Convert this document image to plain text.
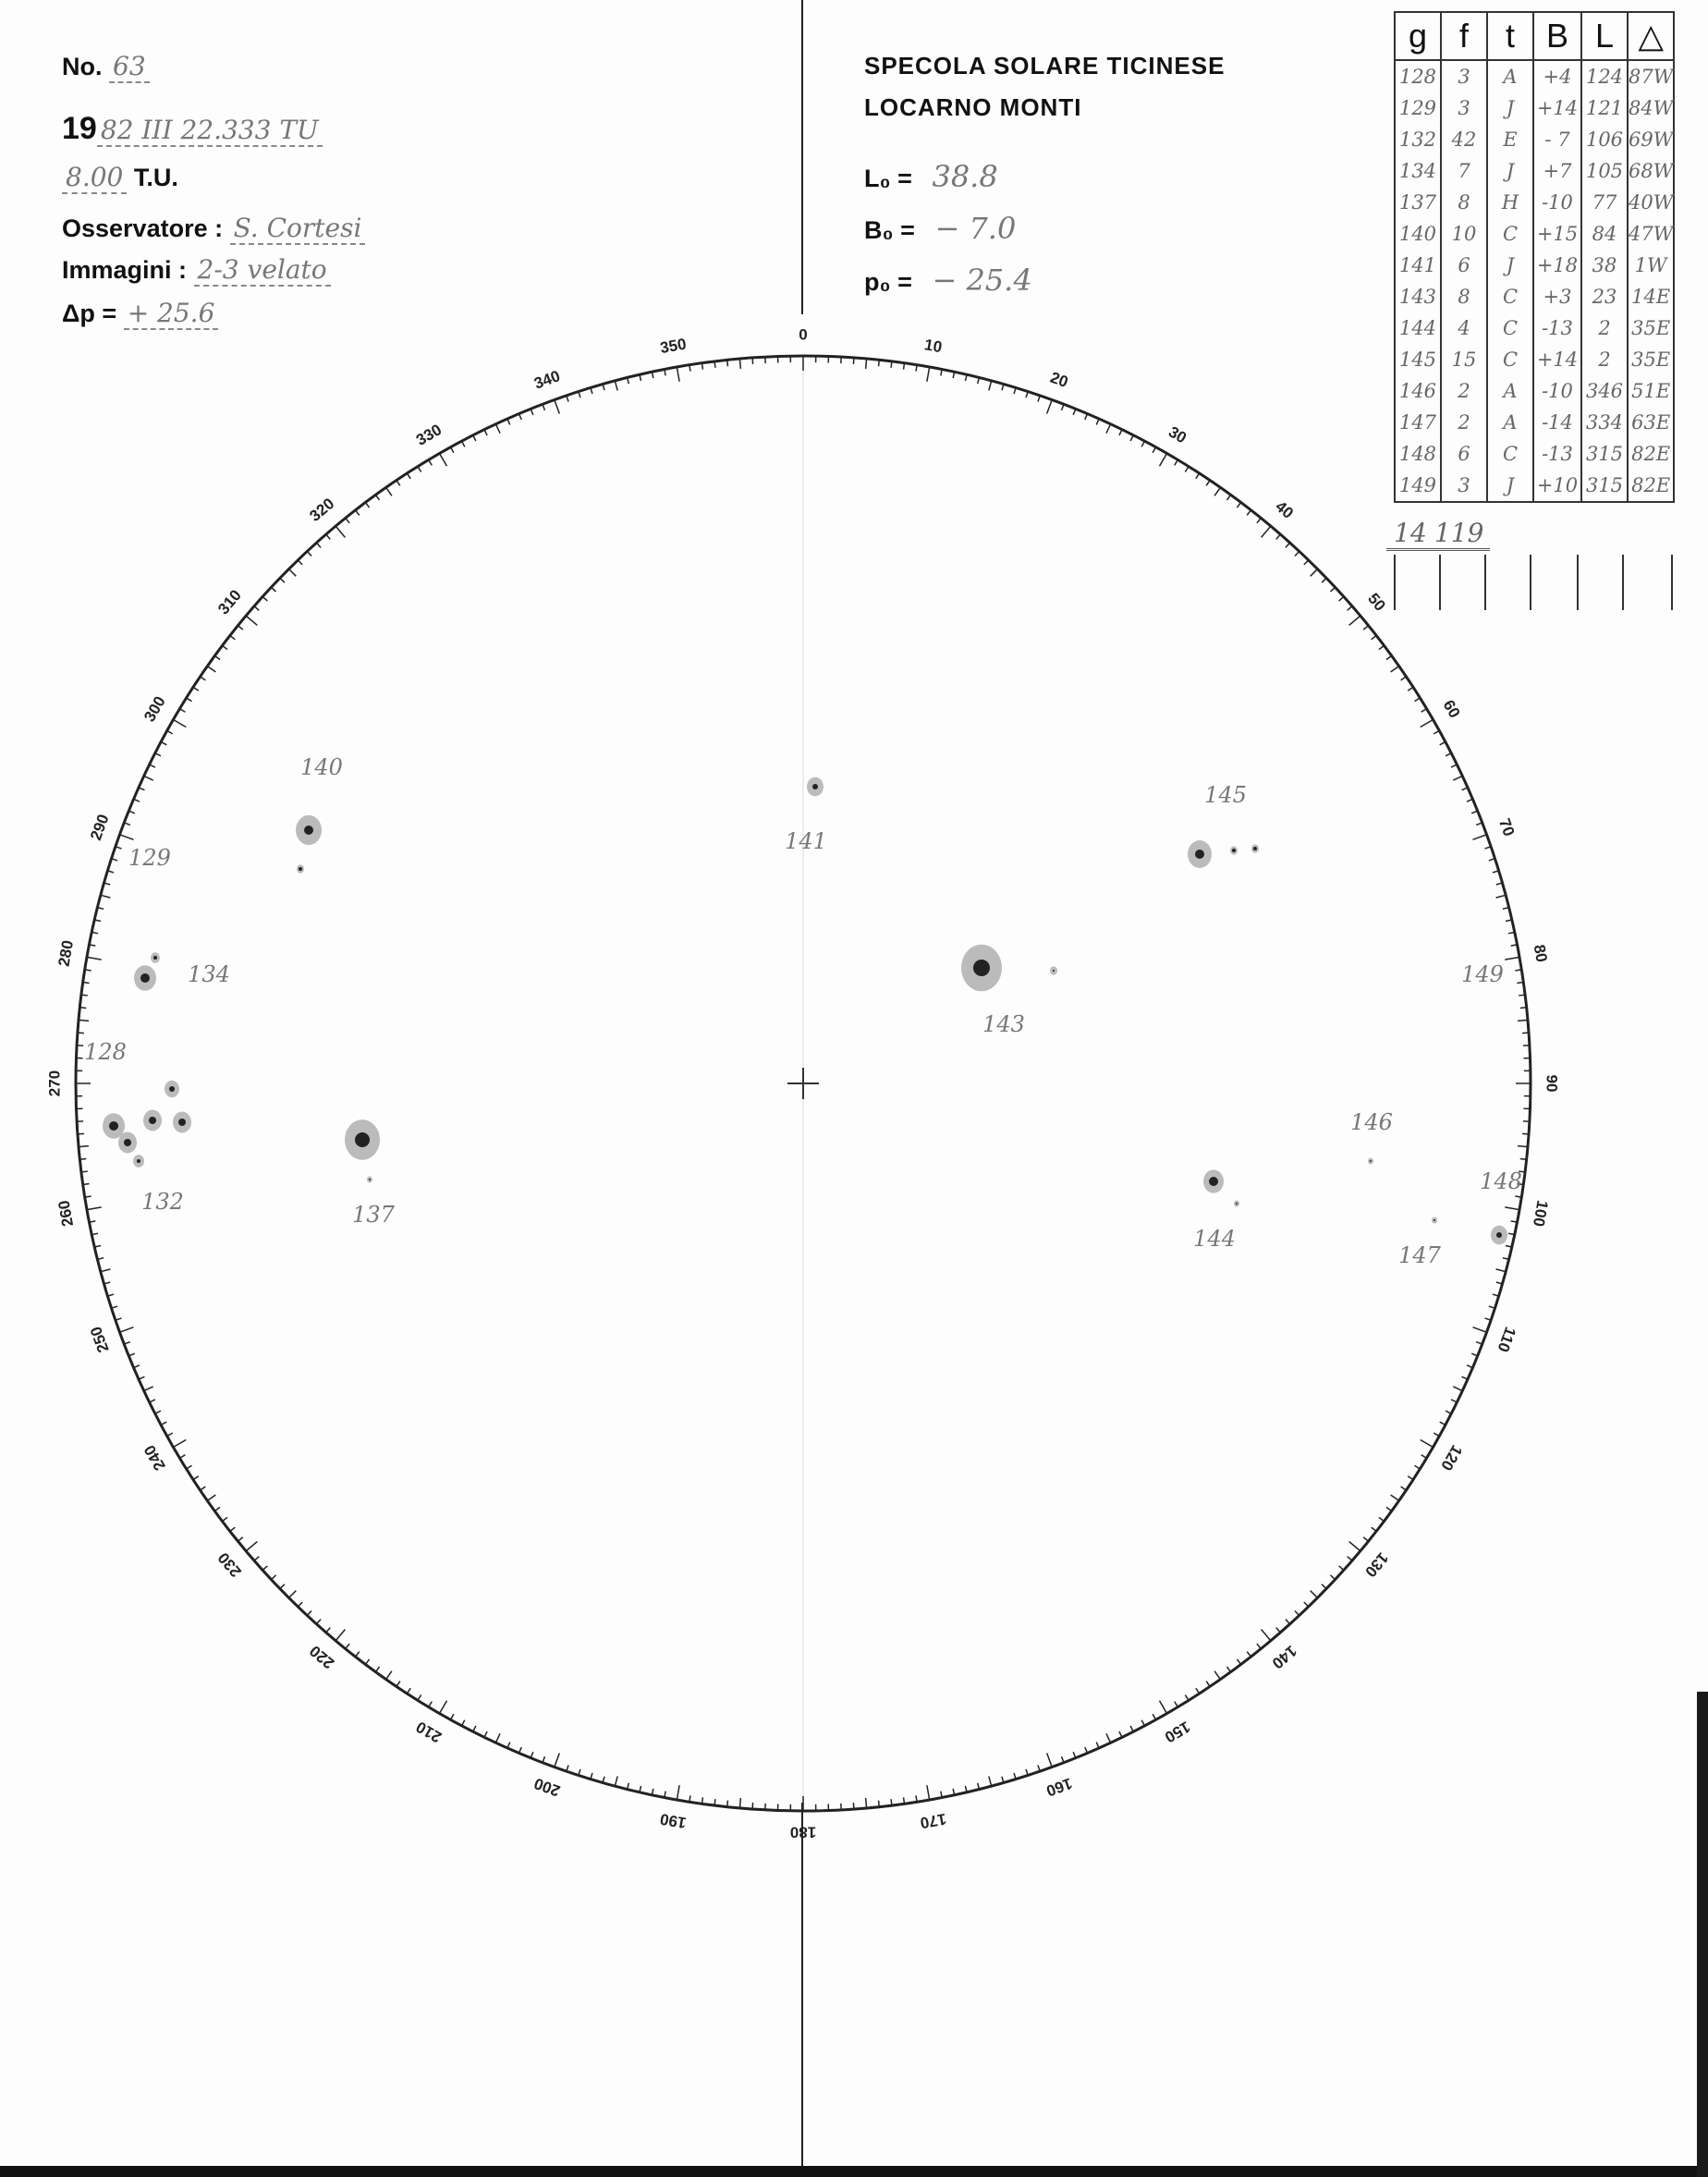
No. 63
19 82 III 22.333 TU
8.00 T.U.
Osservatore : S. Cortesi
Immagini : 2-3 velato
Δp = + 25.6
SPECOLA SOLARE TICINESE
LOCARNO MONTI
L₀ = 38.8
B₀ = − 7.0
p₀ = − 25.4
g	f	t	B	L	△
128	3	A	+4	124	87W
129	3	J	+14	121	84W
132	42	E	- 7	106	69W
134	7	J	+7	105	68W
137	8	H	-10	77	40W
140	10	C	+15	84	47W
141	6	J	+18	38	1W
143	8	C	+3	23	14E
144	4	C	-13	2	35E
145	15	C	+14	2	35E
146	2	A	-10	346	51E
147	2	A	-14	334	63E
148	6	C	-13	315	82E
149	3	J	+10	315	82E
14 119
0
10
20
30
40
50
60
70
80
90
100
110
120
130
140
150
160
170
180
190
200
210
220
230
240
250
260
270
280
290
300
310
320
330
340
350
140
141
145
129
134
143
149
128
146
132	137
148
144
147
